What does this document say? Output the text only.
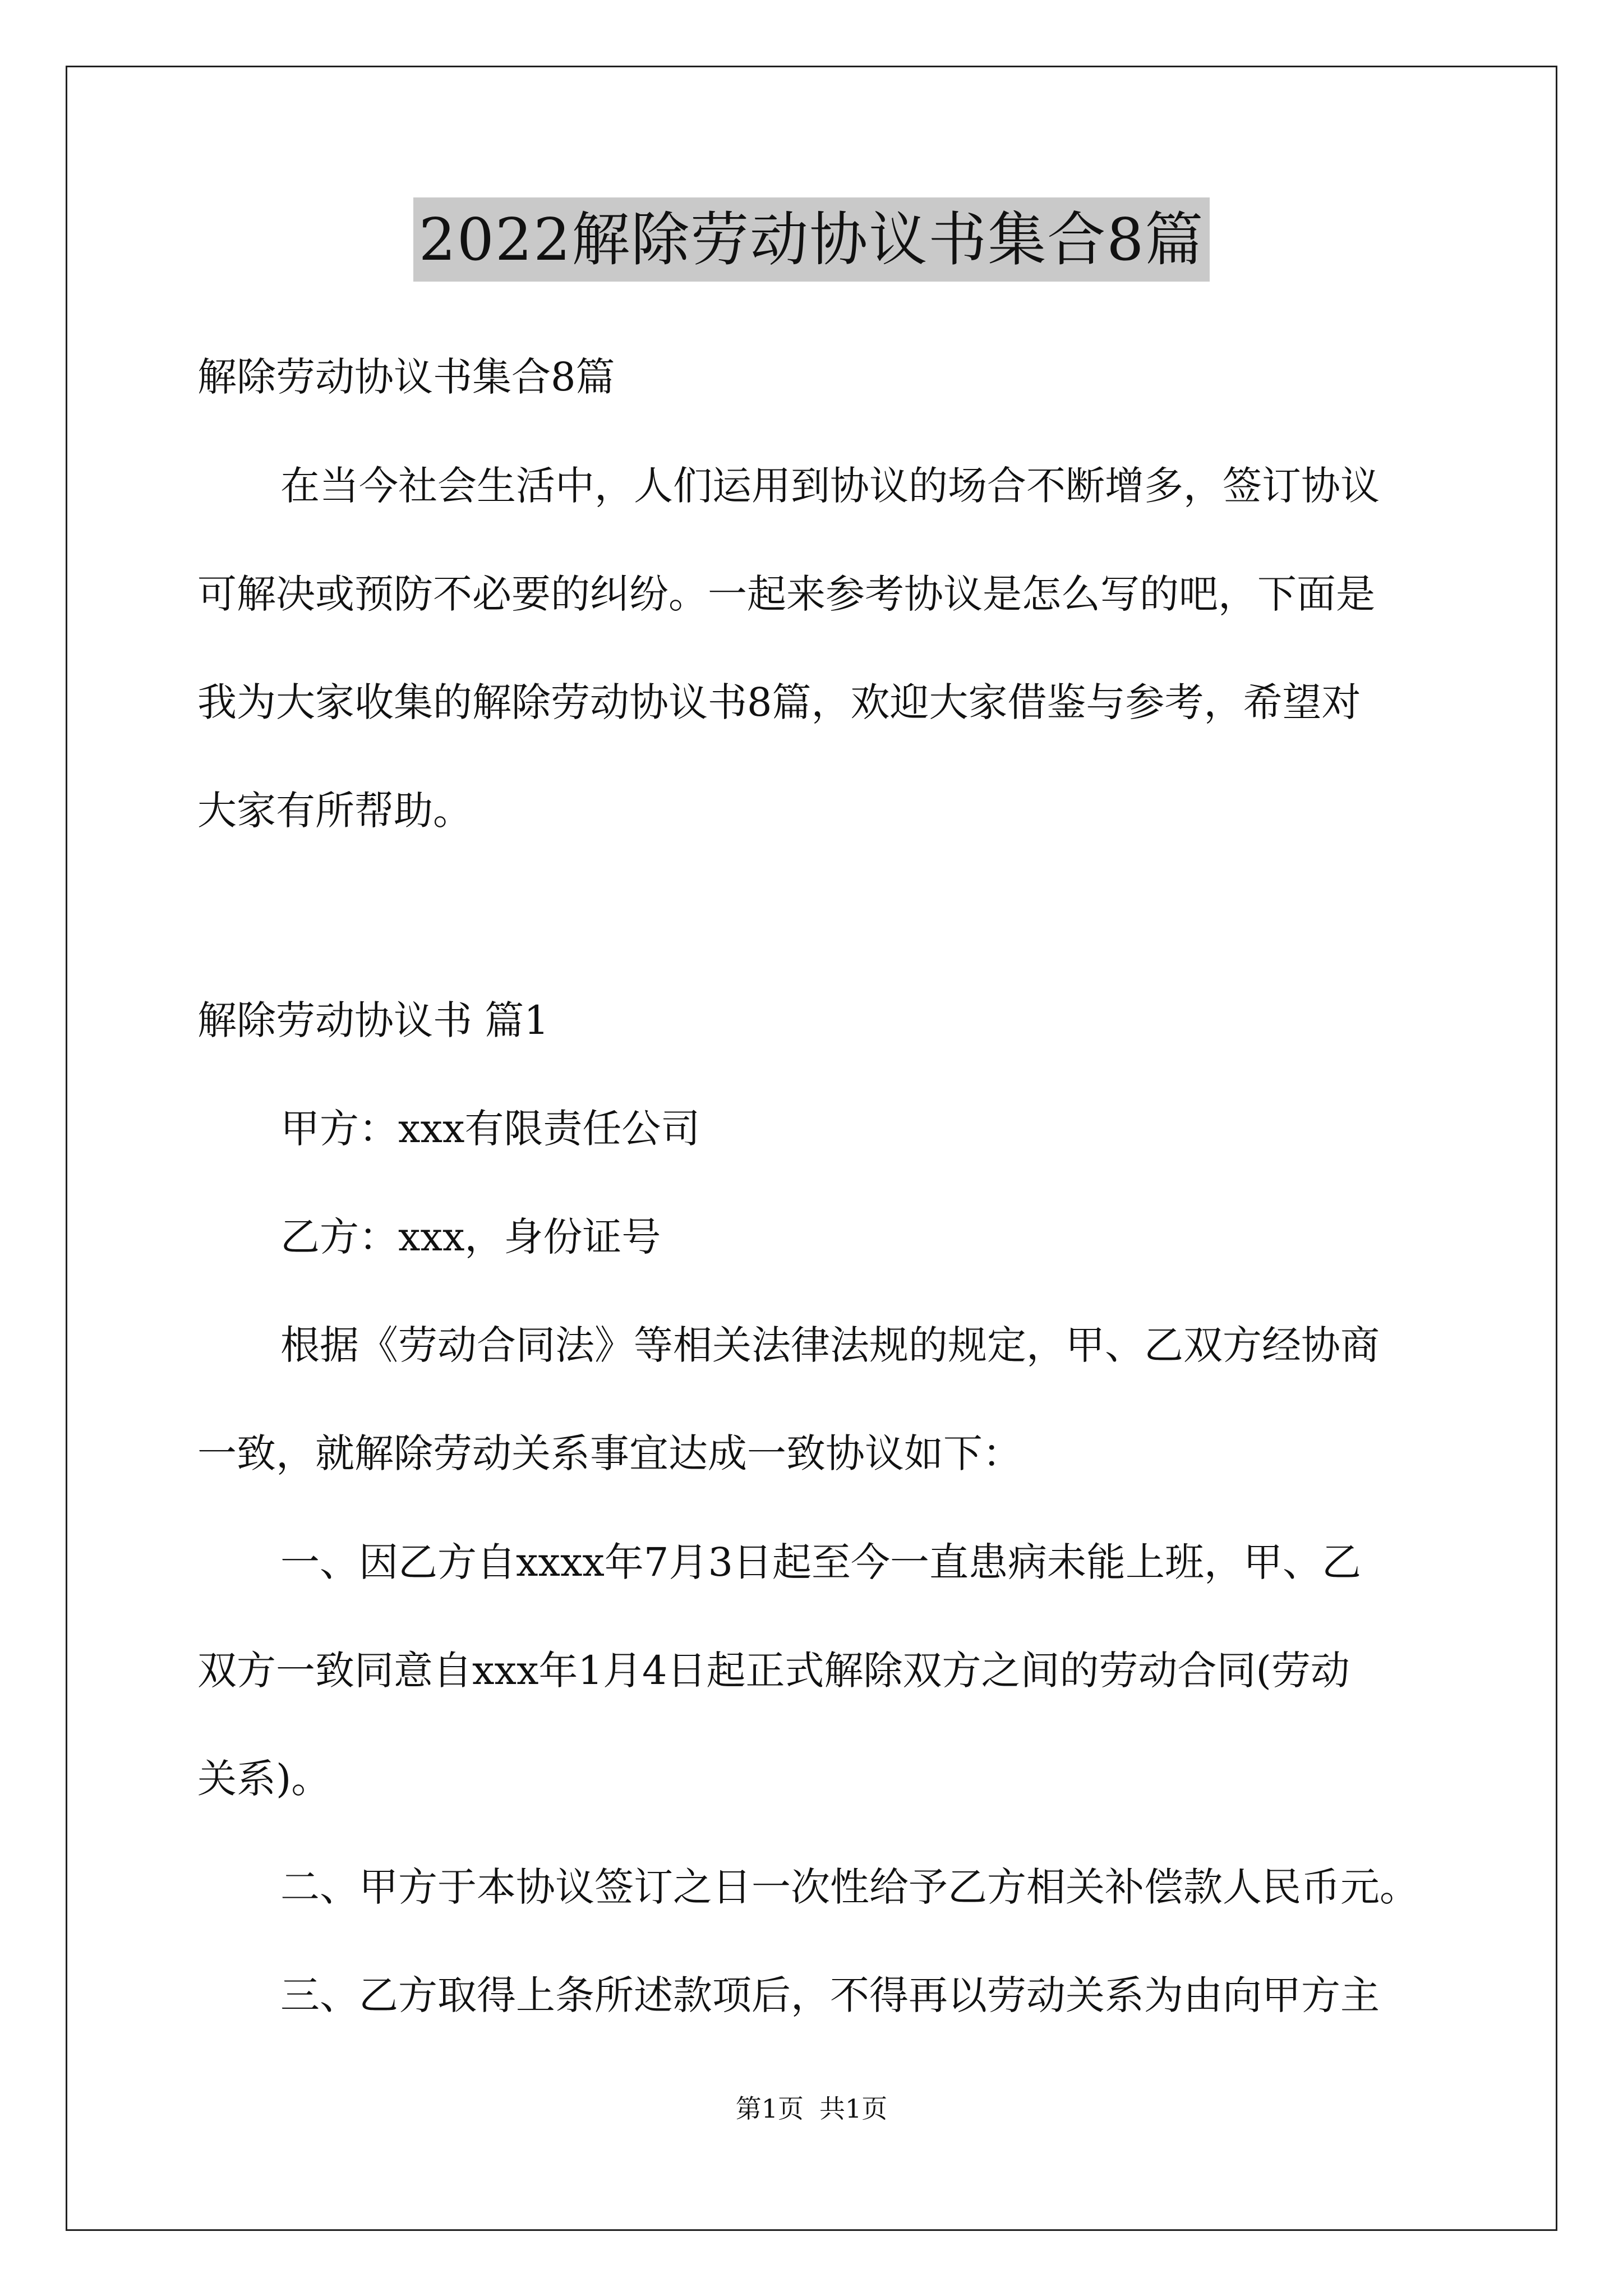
2022解除劳动协议书集合8篇
解除劳动协议书集合8篇
在当今社会生活中，人们运用到协议的场合不断增多，签订协议
可解决或预防不必要的纠纷。一起来参考协议是怎么写的吧，下面是
我为大家收集的解除劳动协议书8篇，欢迎大家借鉴与参考，希望对
大家有所帮助。
解除劳动协议书 篇1
甲方：xxx有限责任公司
乙方：xxx，身份证号
根据《劳动合同法》等相关法律法规的规定，甲、乙双方经协商
一致，就解除劳动关系事宜达成一致协议如下：
一、因乙方自xxxx年7月3日起至今一直患病未能上班，甲、乙
双方一致同意自xxx年1月4日起正式解除双方之间的劳动合同(劳动
关系)。
二、甲方于本协议签订之日一次性给予乙方相关补偿款人民币元。
三、乙方取得上条所述款项后，不得再以劳动关系为由向甲方主
第1页 共1页
